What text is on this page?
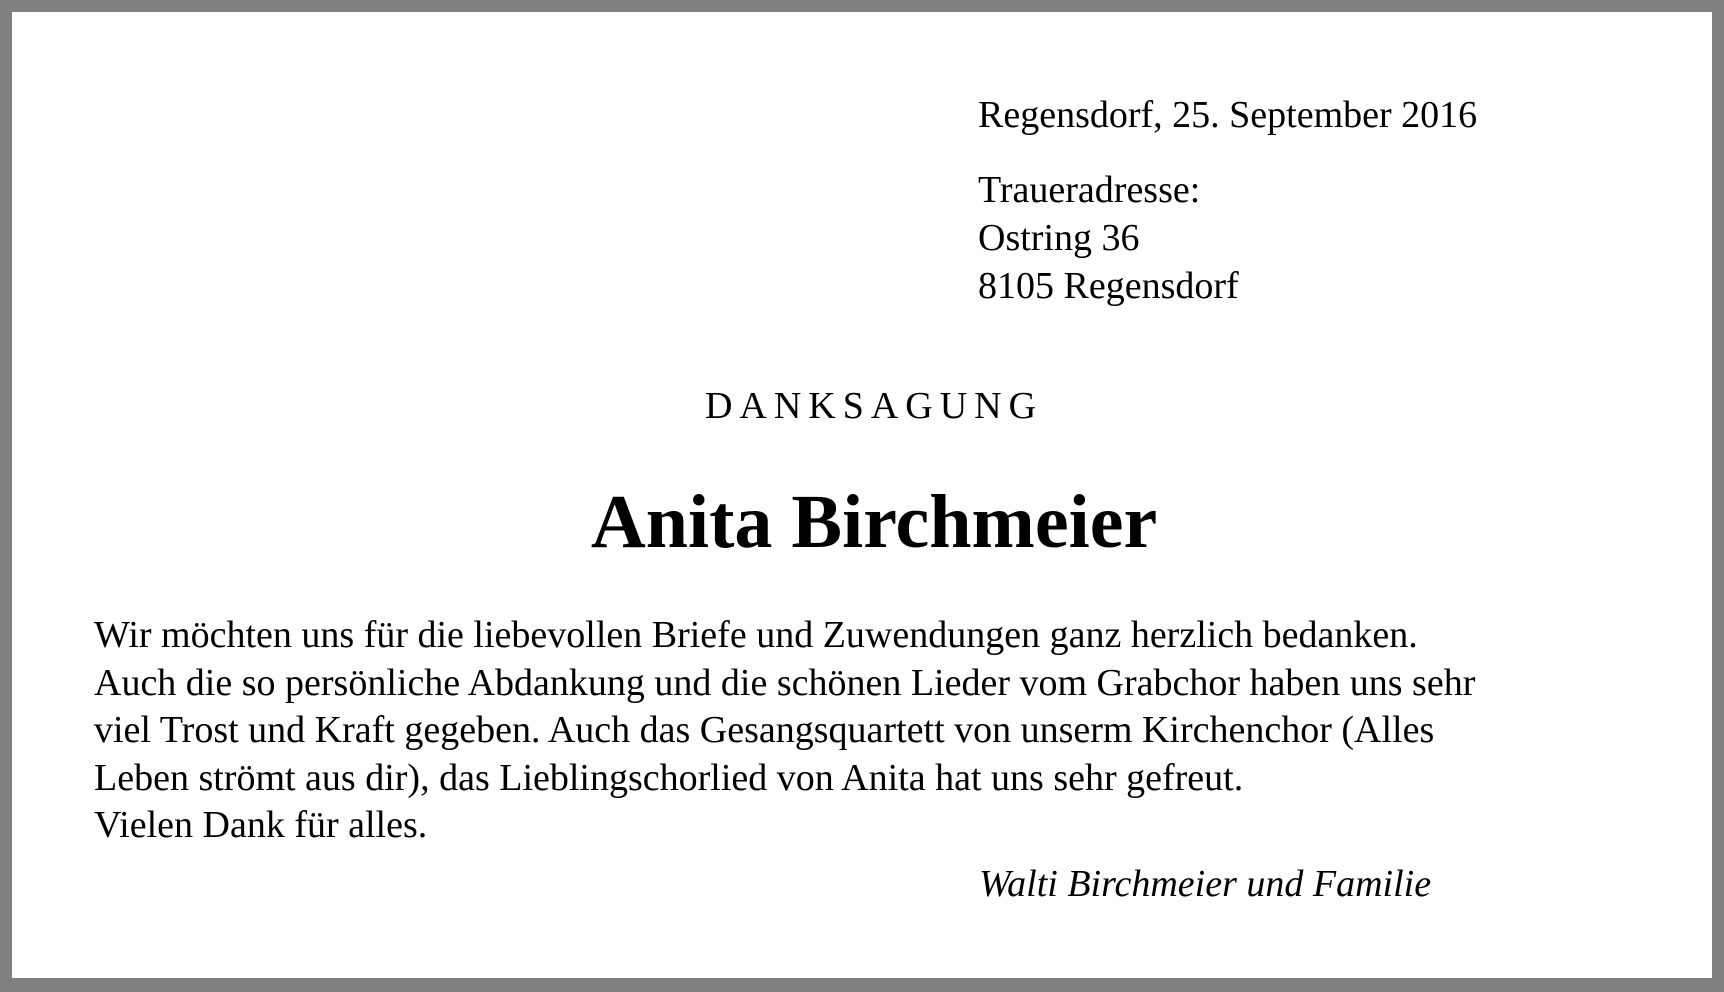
Regensdorf, 25. September 2016
Traueradresse:
Ostring 36
8105 Regensdorf
DANKSAGUNG
Anita Birchmeier
Wir möchten uns für die liebevollen Briefe und Zuwendungen ganz herzlich bedanken.
Auch die so persönliche Abdankung und die schönen Lieder vom Grabchor haben uns sehr
viel Trost und Kraft gegeben. Auch das Gesangsquartett von unserm Kirchenchor (Alles
Leben strömt aus dir), das Lieblingschorlied von Anita hat uns sehr gefreut.
Vielen Dank für alles.
Walti Birchmeier und Familie
